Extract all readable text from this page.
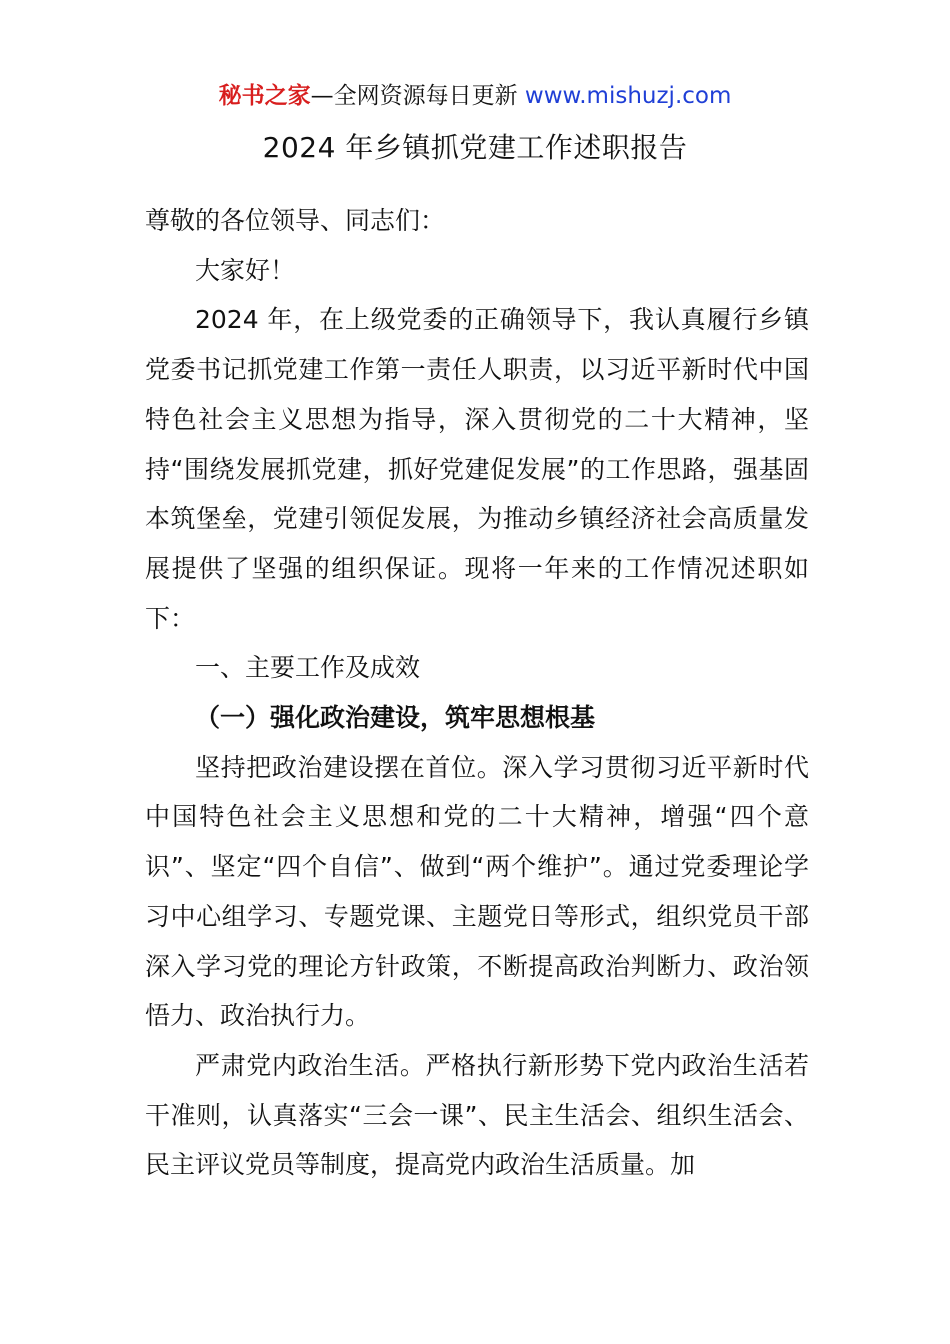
秘书之家—全网资源每日更新 www.mishuzj.com
2024 年乡镇抓党建工作述职报告

尊敬的各位领导、同志们：

大家好！

2024 年，在上级党委的正确领导下，我认真履行乡镇党委书记抓党建工作第一责任人职责，以习近平新时代中国特色社会主义思想为指导，深入贯彻党的二十大精神，坚持“围绕发展抓党建，抓好党建促发展”的工作思路，强基固本筑堡垒，党建引领促发展，为推动乡镇经济社会高质量发展提供了坚强的组织保证。现将一年来的工作情况述职如下：

一、主要工作及成效

（一）强化政治建设，筑牢思想根基

坚持把政治建设摆在首位。深入学习贯彻习近平新时代中国特色社会主义思想和党的二十大精神，增强“四个意识”、坚定“四个自信”、做到“两个维护”。通过党委理论学习中心组学习、专题党课、主题党日等形式，组织党员干部深入学习党的理论方针政策，不断提高政治判断力、政治领悟力、政治执行力。

严肃党内政治生活。严格执行新形势下党内政治生活若干准则，认真落实“三会一课”、民主生活会、组织生活会、民主评议党员等制度，提高党内政治生活质量。加
